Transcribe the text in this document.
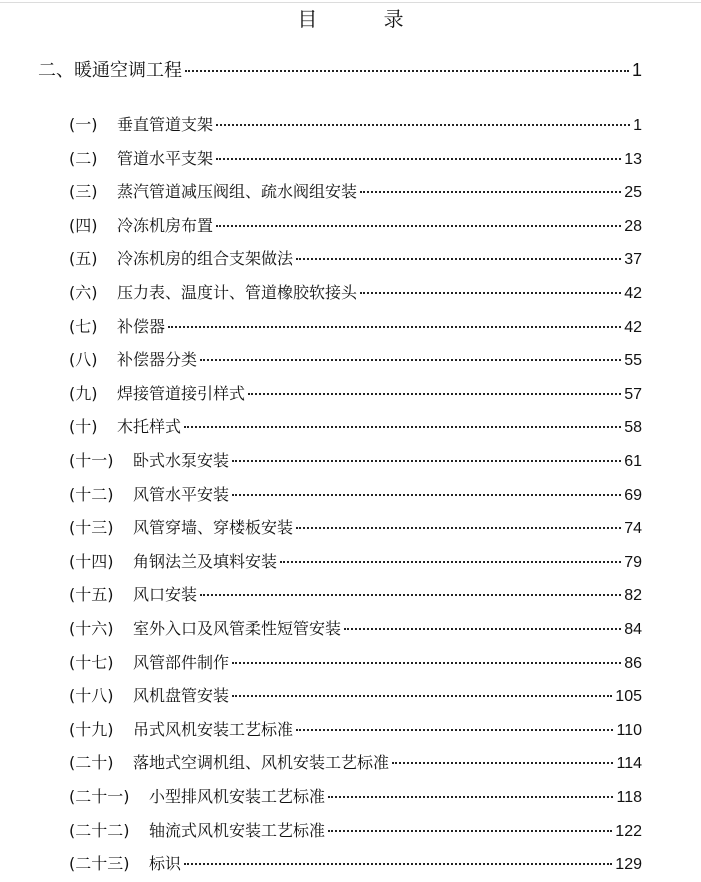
目 录
二、暖通空调工程	1
(一)	垂直管道支架	1
(二)	管道水平支架	13
(三)	蒸汽管道减压阀组、疏水阀组安装	25
(四)	冷冻机房布置	28
(五)	冷冻机房的组合支架做法	37
(六)	压力表、温度计、管道橡胶软接头	42
(七)	补偿器	42
(八)	补偿器分类	55
(九)	焊接管道接引样式	57
(十)	木托样式	58
(十一)	卧式水泵安装	61
(十二)	风管水平安装	69
(十三)	风管穿墙、穿楼板安装	74
(十四)	角钢法兰及填料安装	79
(十五)	风口安装	82
(十六)	室外入口及风管柔性短管安装	84
(十七)	风管部件制作	86
(十八)	风机盘管安装	105
(十九)	吊式风机安装工艺标准	110
(二十)	落地式空调机组、风机安装工艺标准	114
(二十一)	小型排风机安装工艺标准	118
(二十二)	轴流式风机安装工艺标准	122
(二十三)	标识	129
